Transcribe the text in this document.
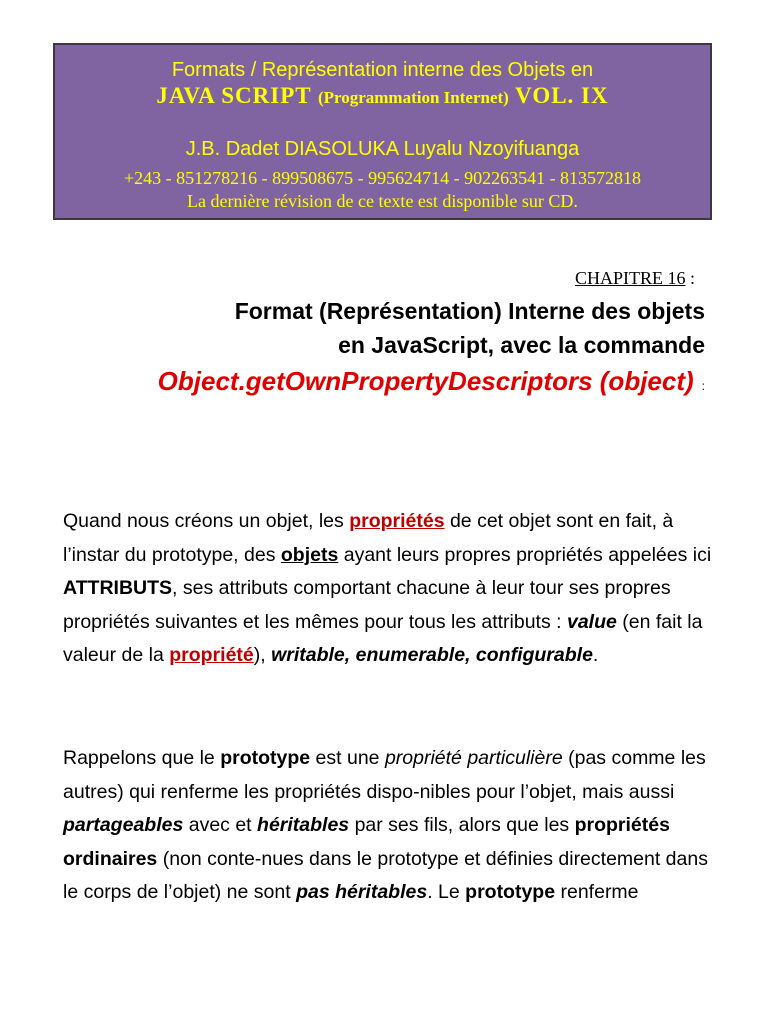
Formats / Représentation interne des Objets en
JAVA SCRIPT (Programmation Internet) VOL. IX
J.B. Dadet DIASOLUKA Luyalu Nzoyifuanga
+243 - 851278216 - 899508675 - 995624714 - 902263541 - 813572818
La dernière révision de ce texte est disponible sur CD.
CHAPITRE 16 :
Format (Représentation) Interne des objets
en JavaScript, avec la commande
Object.getOwnPropertyDescriptors (object) :
Quand nous créons un objet, les propriétés de cet objet sont en fait, à l’instar du prototype, des objets ayant leurs propres propriétés appelées ici ATTRIBUTS, ses attributs comportant chacune à leur tour ses propres propriétés suivantes et les mêmes pour tous les attributs : value (en fait la valeur de la propriété), writable, enumerable, configurable.
Rappelons que le prototype est une propriété particulière (pas comme les autres) qui renferme les propriétés dispo-nibles pour l’objet, mais aussi partageables avec et héritables par ses fils, alors que les propriétés ordinaires (non conte-nues dans le prototype et définies directement dans le corps de l’objet) ne sont pas héritables. Le prototype renferme
